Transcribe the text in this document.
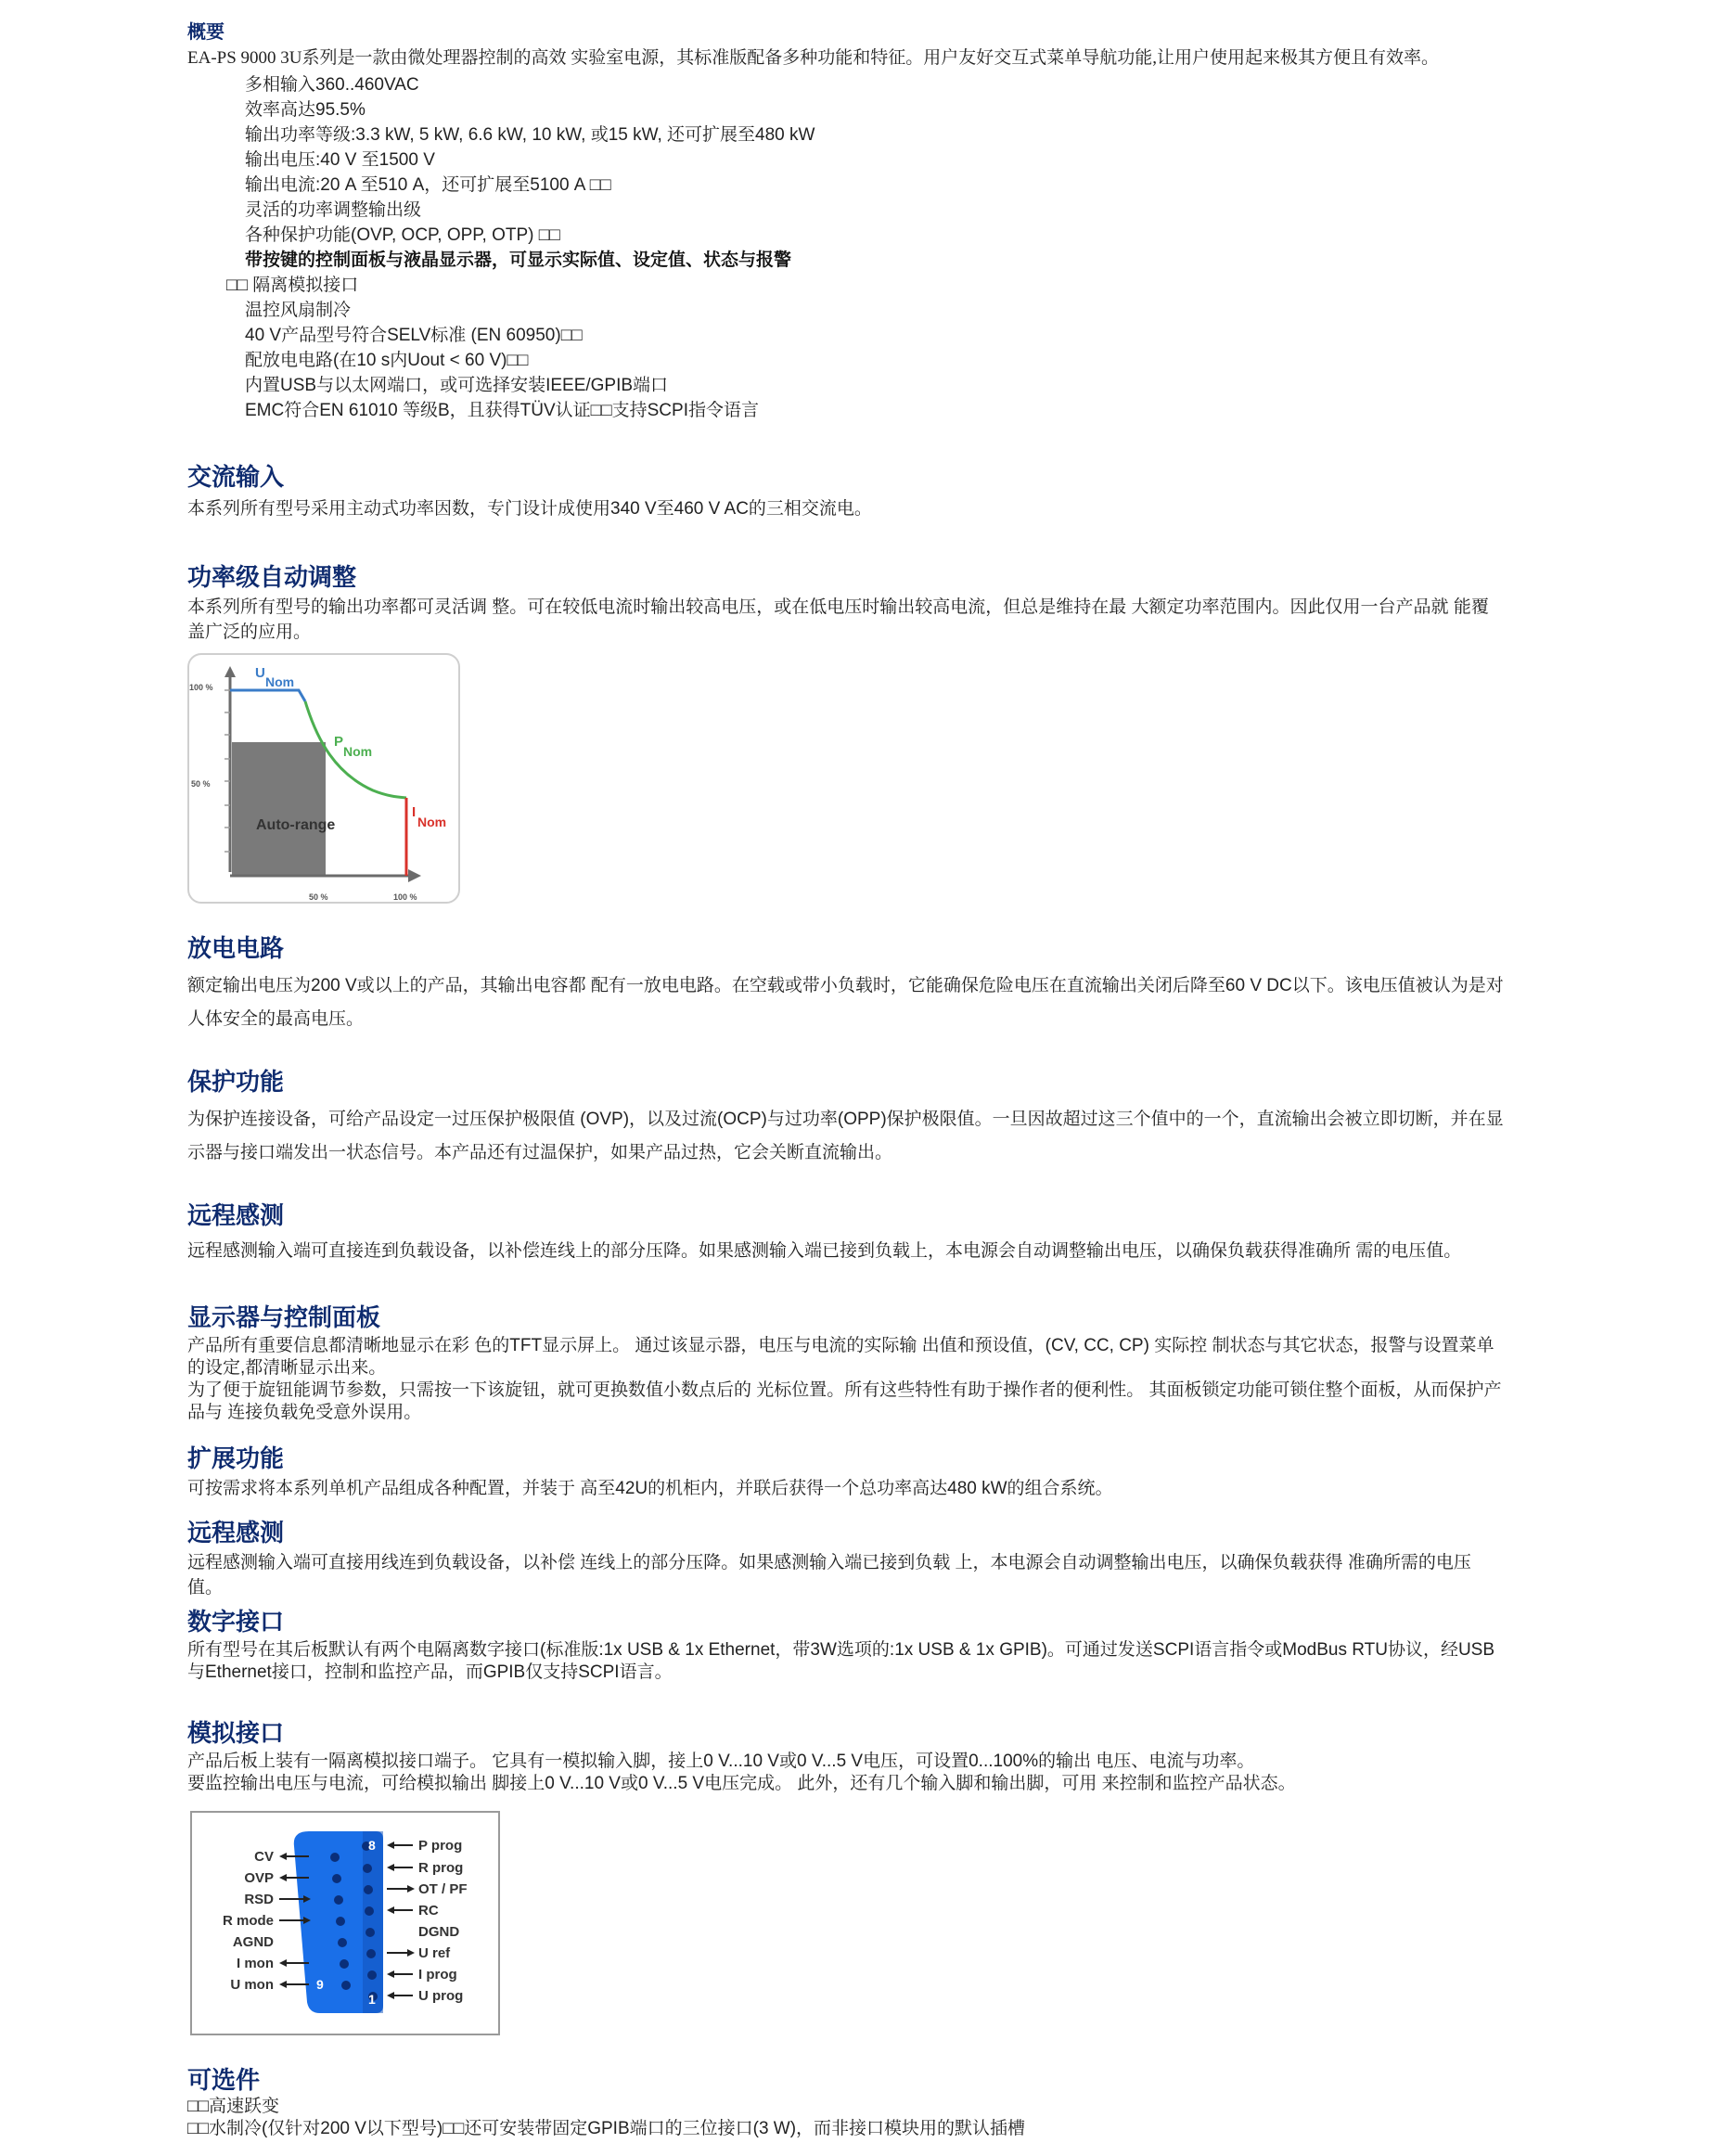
概要

EA-PS 9000 3U系列是一款由微处理器控制的高效 实验室电源，其标准版配备多种功能和特征。用户友好交互式菜单导航功能,让用户使用起来极其方便且有效率。

多相输入360..460VAC
效率高达95.5%
输出功率等级:3.3 kW, 5 kW, 6.6 kW, 10 kW, 或15 kW, 还可扩展至480 kW
输出电压:40 V 至1500 V
输出电流:20 A 至510 A，还可扩展至5100 A □□
灵活的功率调整输出级
各种保护功能(OVP, OCP, OPP, OTP) □□
带按键的控制面板与液晶显示器，可显示实际值、设定值、状态与报警
□□ 隔离模拟接口
温控风扇制冷
40 V产品型号符合SELV标准 (EN 60950)□□
配放电电路(在10 s内Uout < 60 V)□□
内置USB与以太网端口，或可选择安装IEEE/GPIB端口
EMC符合EN 61010 等级B，且获得TÜV认证□□支持SCPI指令语言
交流输入

本系列所有型号采用主动式功率因数，专门设计成使用340 V至460 V AC的三相交流电。

功率级自动调整

本系列所有型号的输出功率都可灵活调 整。可在较低电流时输出较高电压，或在低电压时输出较高电流，但总是维持在最 大额定功率范围内。因此仅用一台产品就 能覆盖广泛的应用。

100 %
50 %
50 %	100 %
Auto-range
U
Nom
P
Nom
I
Nom
放电电路

额定输出电压为200 V或以上的产品，其输出电容都 配有一放电电路。在空载或带小负载时，它能确保危险电压在直流输出关闭后降至60 V DC以下。该电压值被认为是对人体安全的最高电压。

保护功能

为保护连接设备，可给产品设定一过压保护极限值 (OVP)，以及过流(OCP)与过功率(OPP)保护极限值。一旦因故超过这三个值中的一个，直流输出会被立即切断，并在显示器与接口端发出一状态信号。本产品还有过温保护，如果产品过热，它会关断直流输出。

远程感测

远程感测输入端可直接连到负载设备，以补偿连线上的部分压降。如果感测输入端已接到负载上，本电源会自动调整输出电压，以确保负载获得准确所 需的电压值。

显示器与控制面板

产品所有重要信息都清晰地显示在彩 色的TFT显示屏上。 通过该显示器，电压与电流的实际输 出值和预设值，(CV, CC, CP) 实际控 制状态与其它状态，报警与设置菜单 的设定,都清晰显示出来。

为了便于旋钮能调节参数，只需按一下该旋钮，就可更换数值小数点后的 光标位置。所有这些特性有助于操作者的便利性。 其面板锁定功能可锁住整个面板，从而保护产品与 连接负载免受意外误用。

扩展功能

可按需求将本系列单机产品组成各种配置，并装于 高至42U的机柜内，并联后获得一个总功率高达480 kW的组合系统。

远程感测

远程感测输入端可直接用线连到负载设备，以补偿 连线上的部分压降。如果感测输入端已接到负载 上，本电源会自动调整输出电压，以确保负载获得 准确所需的电压值。

数字接口

所有型号在其后板默认有两个电隔离数字接口(标准版:1x USB & 1x Ethernet，带3W选项的:1x USB & 1x GPIB)。可通过发送SCPI语言指令或ModBus RTU协议，经USB与Ethernet接口，控制和监控产品，而GPIB仅支持SCPI语言。

模拟接口

产品后板上装有一隔离模拟接口端子。 它具有一模拟输入脚，接上0 V...10 V或0 V...5 V电压，可设置0...100%的输出 电压、电流与功率。

要监控输出电压与电流，可给模拟输出 脚接上0 V...10 V或0 V...5 V电压完成。 此外，还有几个输入脚和输出脚，可用 来控制和监控产品状态。

8
9
1
CV
OVP
RSD
R mode
AGND
I mon
U mon
P prog
R prog
OT / PF
RC
DGND
U ref
I prog
U prog
可选件

□□高速跃变

□□水制冷(仅针对200 V以下型号)□□还可安装带固定GPIB端口的三位接口(3 W)，而非接口模块用的默认插槽
